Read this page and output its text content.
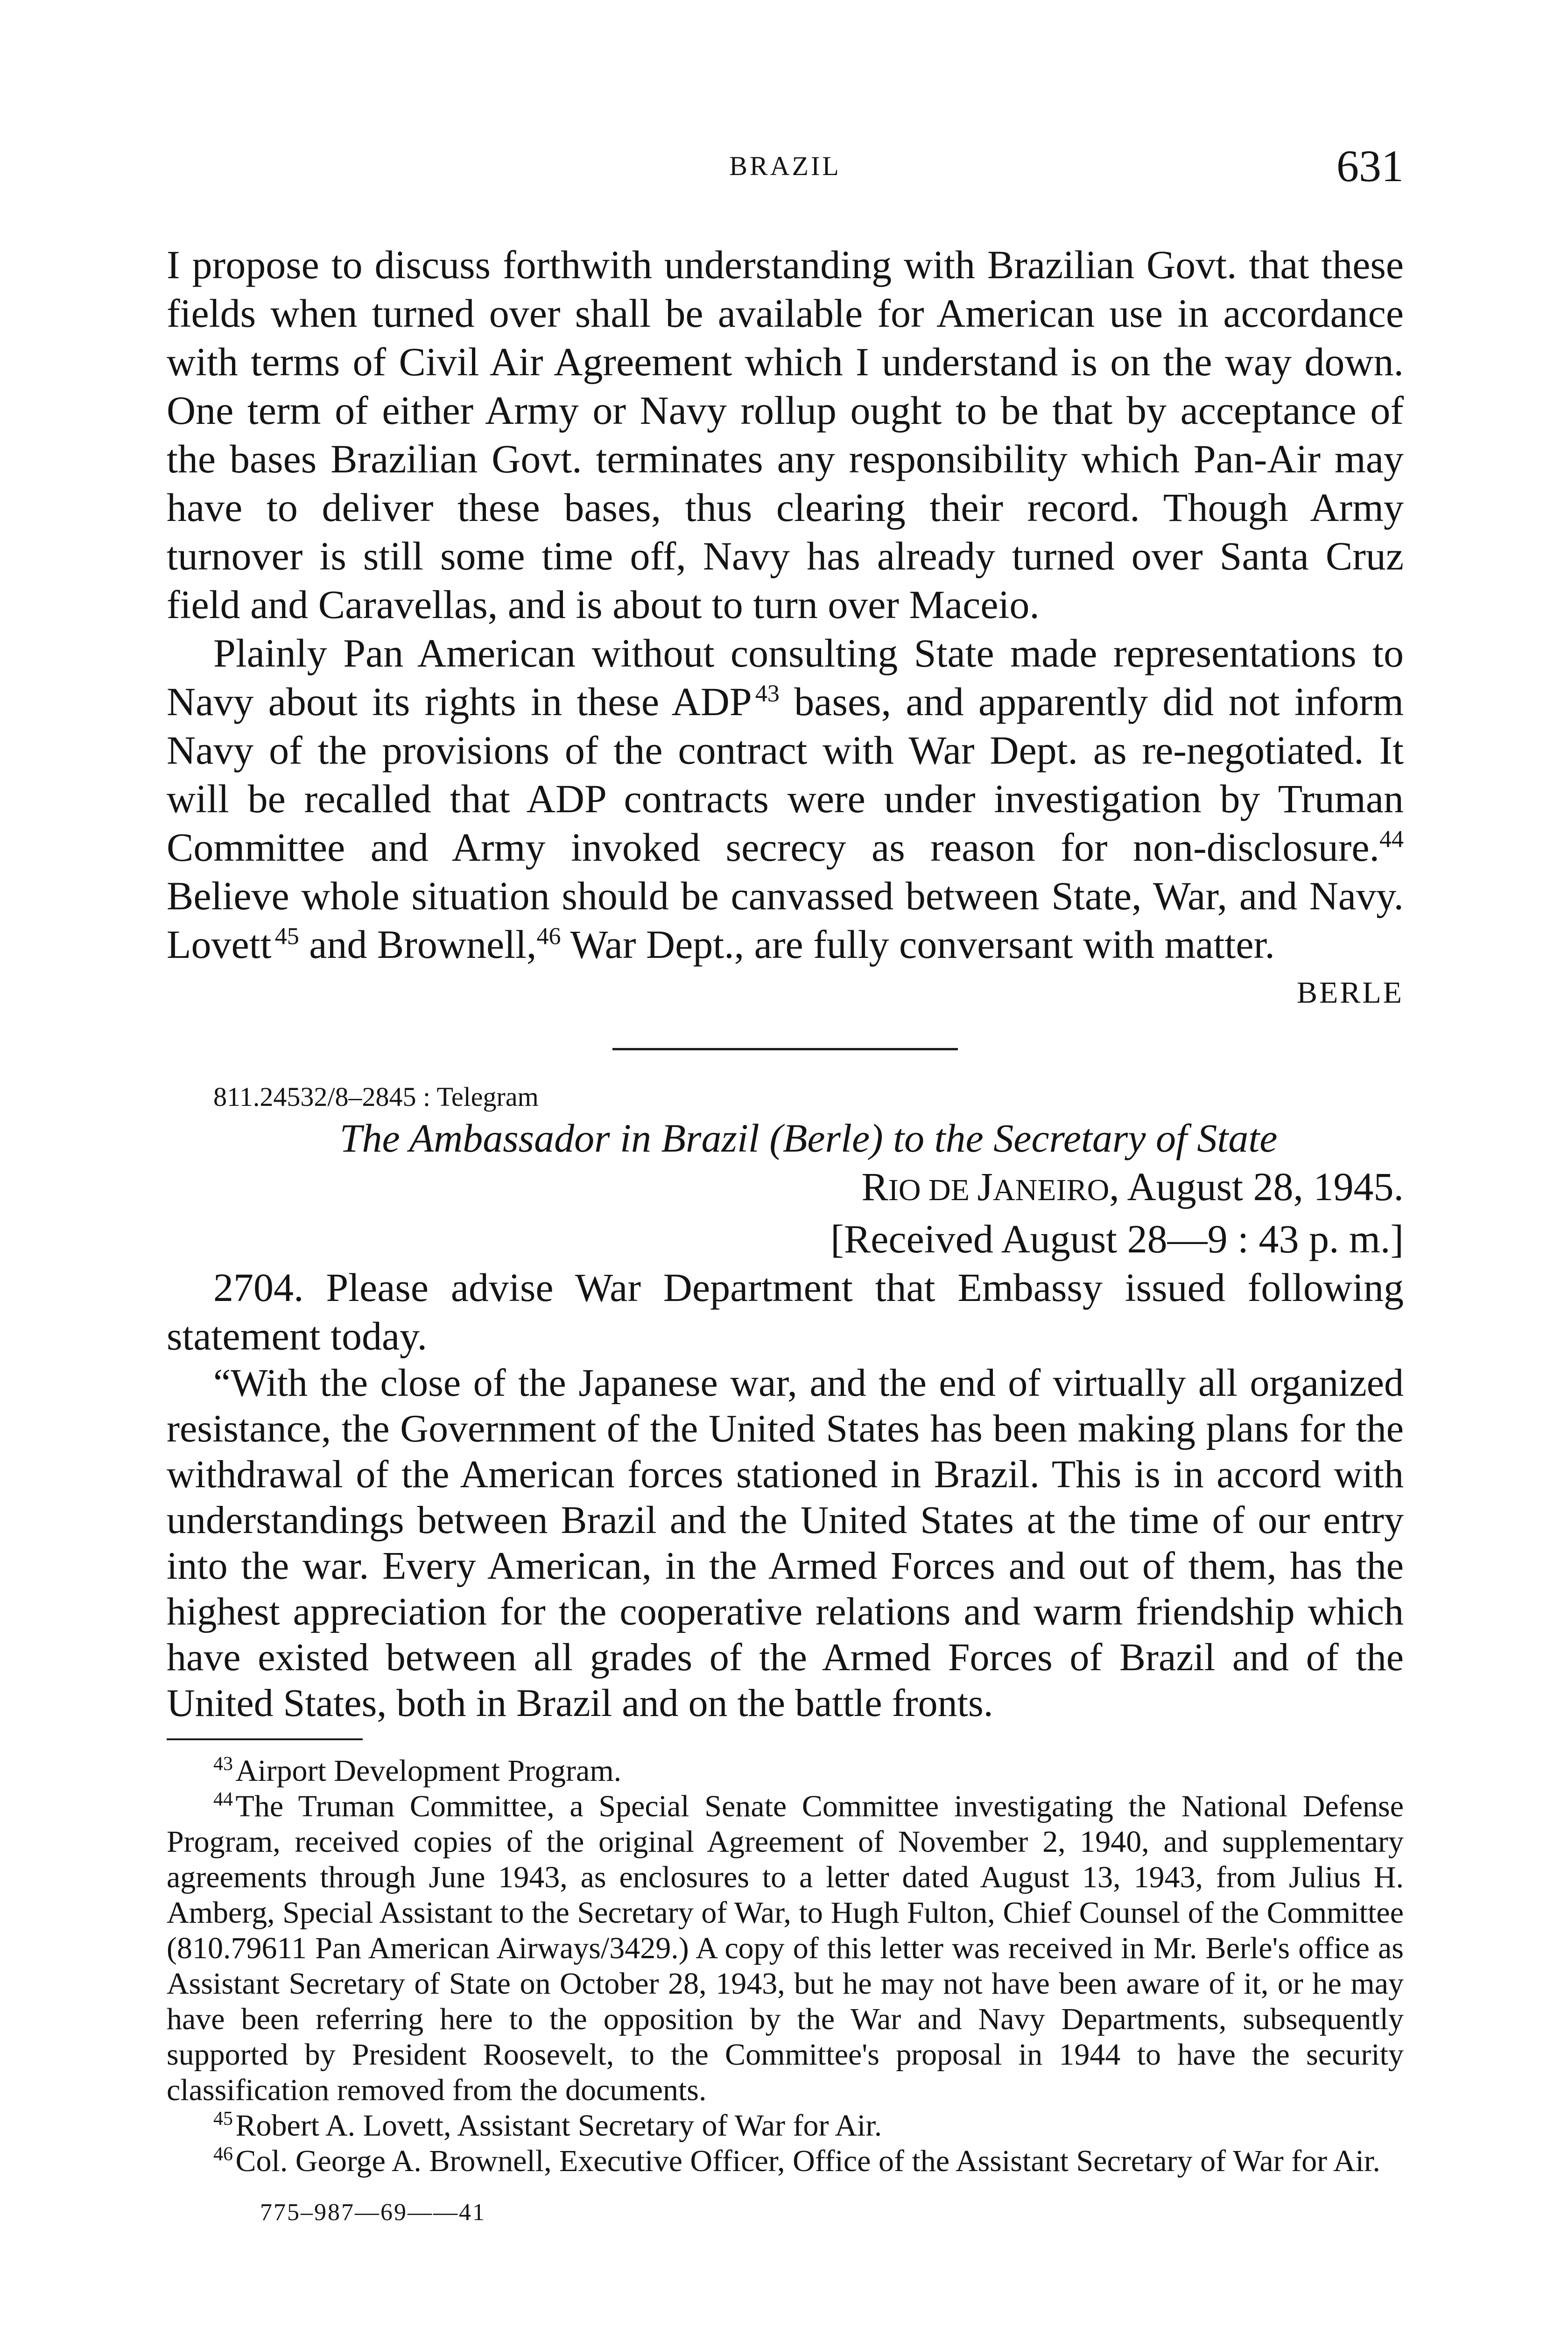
BRAZIL	631

I propose to discuss forthwith understanding with Brazilian Govt. that these fields when turned over shall be available for American use in accordance with terms of Civil Air Agreement which I understand is on the way down. One term of either Army or Navy rollup ought to be that by acceptance of the bases Brazilian Govt. terminates any responsibility which Pan-Air may have to deliver these bases, thus clearing their record. Though Army turnover is still some time off, Navy has already turned over Santa Cruz field and Caravellas, and is about to turn over Maceio.

Plainly Pan American without consulting State made representations to Navy about its rights in these ADP  $^{43}$ bases, and apparently did not inform Navy of the provisions of the contract with War Dept. as re-negotiated. It will be recalled that ADP contracts were under investigation by Truman Committee and Army invoked secrecy as reason for non-disclosure.$^{44}$ Believe whole situation should be canvassed between State, War, and Navy. Lovett  $^{45}$ and Brownell,$^{46}$ War Dept., are fully conversant with matter.

BERLE

811.24532/8–2845 : Telegram

The Ambassador in Brazil (Berle) to the Secretary of State

RIO DE JANEIRO, August 28, 1945.

[Received August 28—9 : 43 p. m.]

2704. Please advise War Department that Embassy issued following statement today.

“With the close of the Japanese war, and the end of virtually all organized resistance, the Government of the United States has been making plans for the withdrawal of the American forces stationed in Brazil. This is in accord with understandings between Brazil and the United States at the time of our entry into the war. Every American, in the Armed Forces and out of them, has the highest appreciation for the cooperative relations and warm friendship which have existed between all grades of the Armed Forces of Brazil and of the United States, both in Brazil and on the battle fronts.

$^{43}$ Airport Development Program.

$^{44}$ The Truman Committee, a Special Senate Committee investigating the National Defense Program, received copies of the original Agreement of November 2, 1940, and supplementary agreements through June 1943, as enclosures to a letter dated August 13, 1943, from Julius H. Amberg, Special Assistant to the Secretary of War, to Hugh Fulton, Chief Counsel of the Committee (810.79611 Pan American Airways/3429.) A copy of this letter was received in Mr. Berle's office as Assistant Secretary of State on October 28, 1943, but he may not have been aware of it, or he may have been referring here to the opposition by the War and Navy Departments, subsequently supported by President Roosevelt, to the Committee's proposal in 1944 to have the security classification removed from the documents.

$^{45}$ Robert A. Lovett, Assistant Secretary of War for Air.

$^{46}$ Col. George A. Brownell, Executive Officer, Office of the Assistant Secretary of War for Air.

775–987—69——41
